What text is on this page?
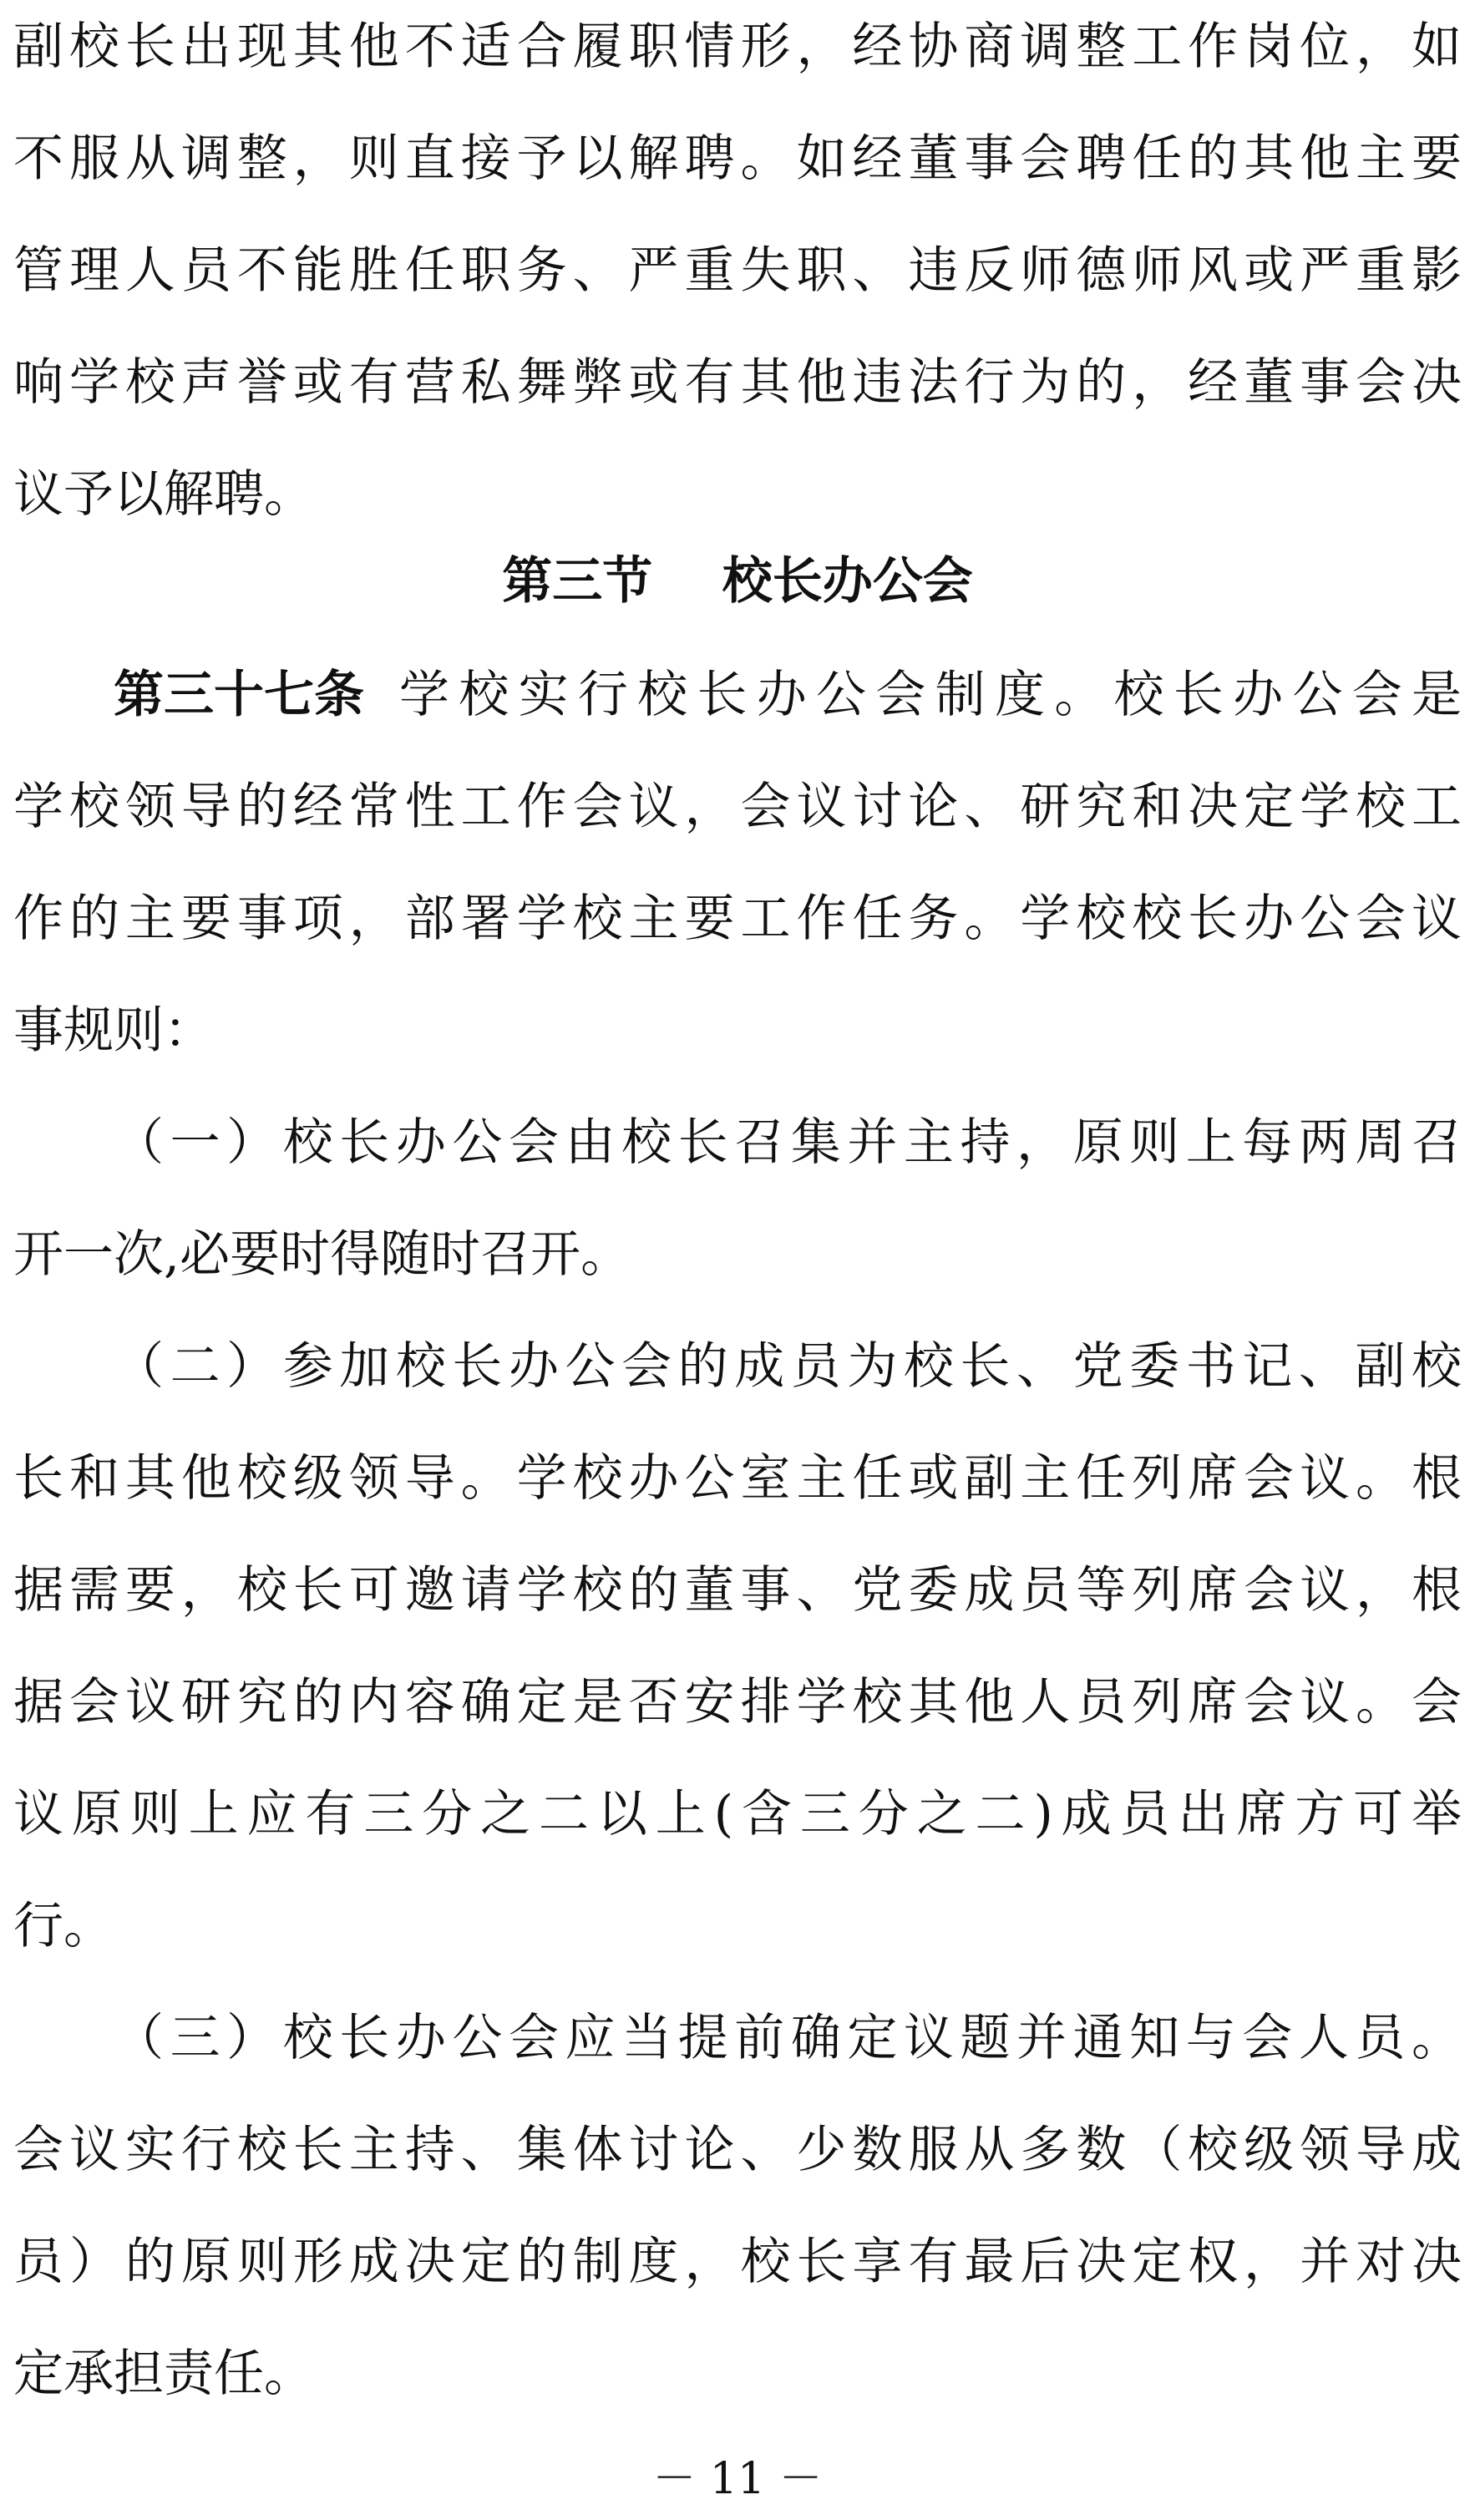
副校长出现其他不适合履职情形，经协商调整工作岗位，如
不服从调整，则直接予以解聘。如经董事会聘任的其他主要
管理人员不能胜任职务、严重失职、违反师德师风或严重影
响学校声誉或有营私舞弊或有其他违法行为的，经董事会决
议予以解聘。
第三节    校长办公会
第三十七条 学校实行校长办公会制度。校长办公会是
学校领导的经常性工作会议，会议讨论、研究和决定学校工
作的主要事项，部署学校主要工作任务。学校校长办公会议
事规则：
（一）校长办公会由校长召集并主持，原则上每两周召
开一次,必要时得随时召开。
（二）参加校长办公会的成员为校长、党委书记、副校
长和其他校级领导。学校办公室主任或副主任列席会议。根
据需要，校长可邀请学校的董事、党委成员等列席会议，根
据会议研究的内容确定是否安排学校其他人员列席会议。会
议原则上应有三分之二以上(含三分之二)成员出席方可举
行。
（三）校长办公会应当提前确定议题并通知与会人员。
会议实行校长主持、集体讨论、少数服从多数（校级领导成
员）的原则形成决定的制度，校长享有最后决定权，并对决
定承担责任。
－ 11 －
